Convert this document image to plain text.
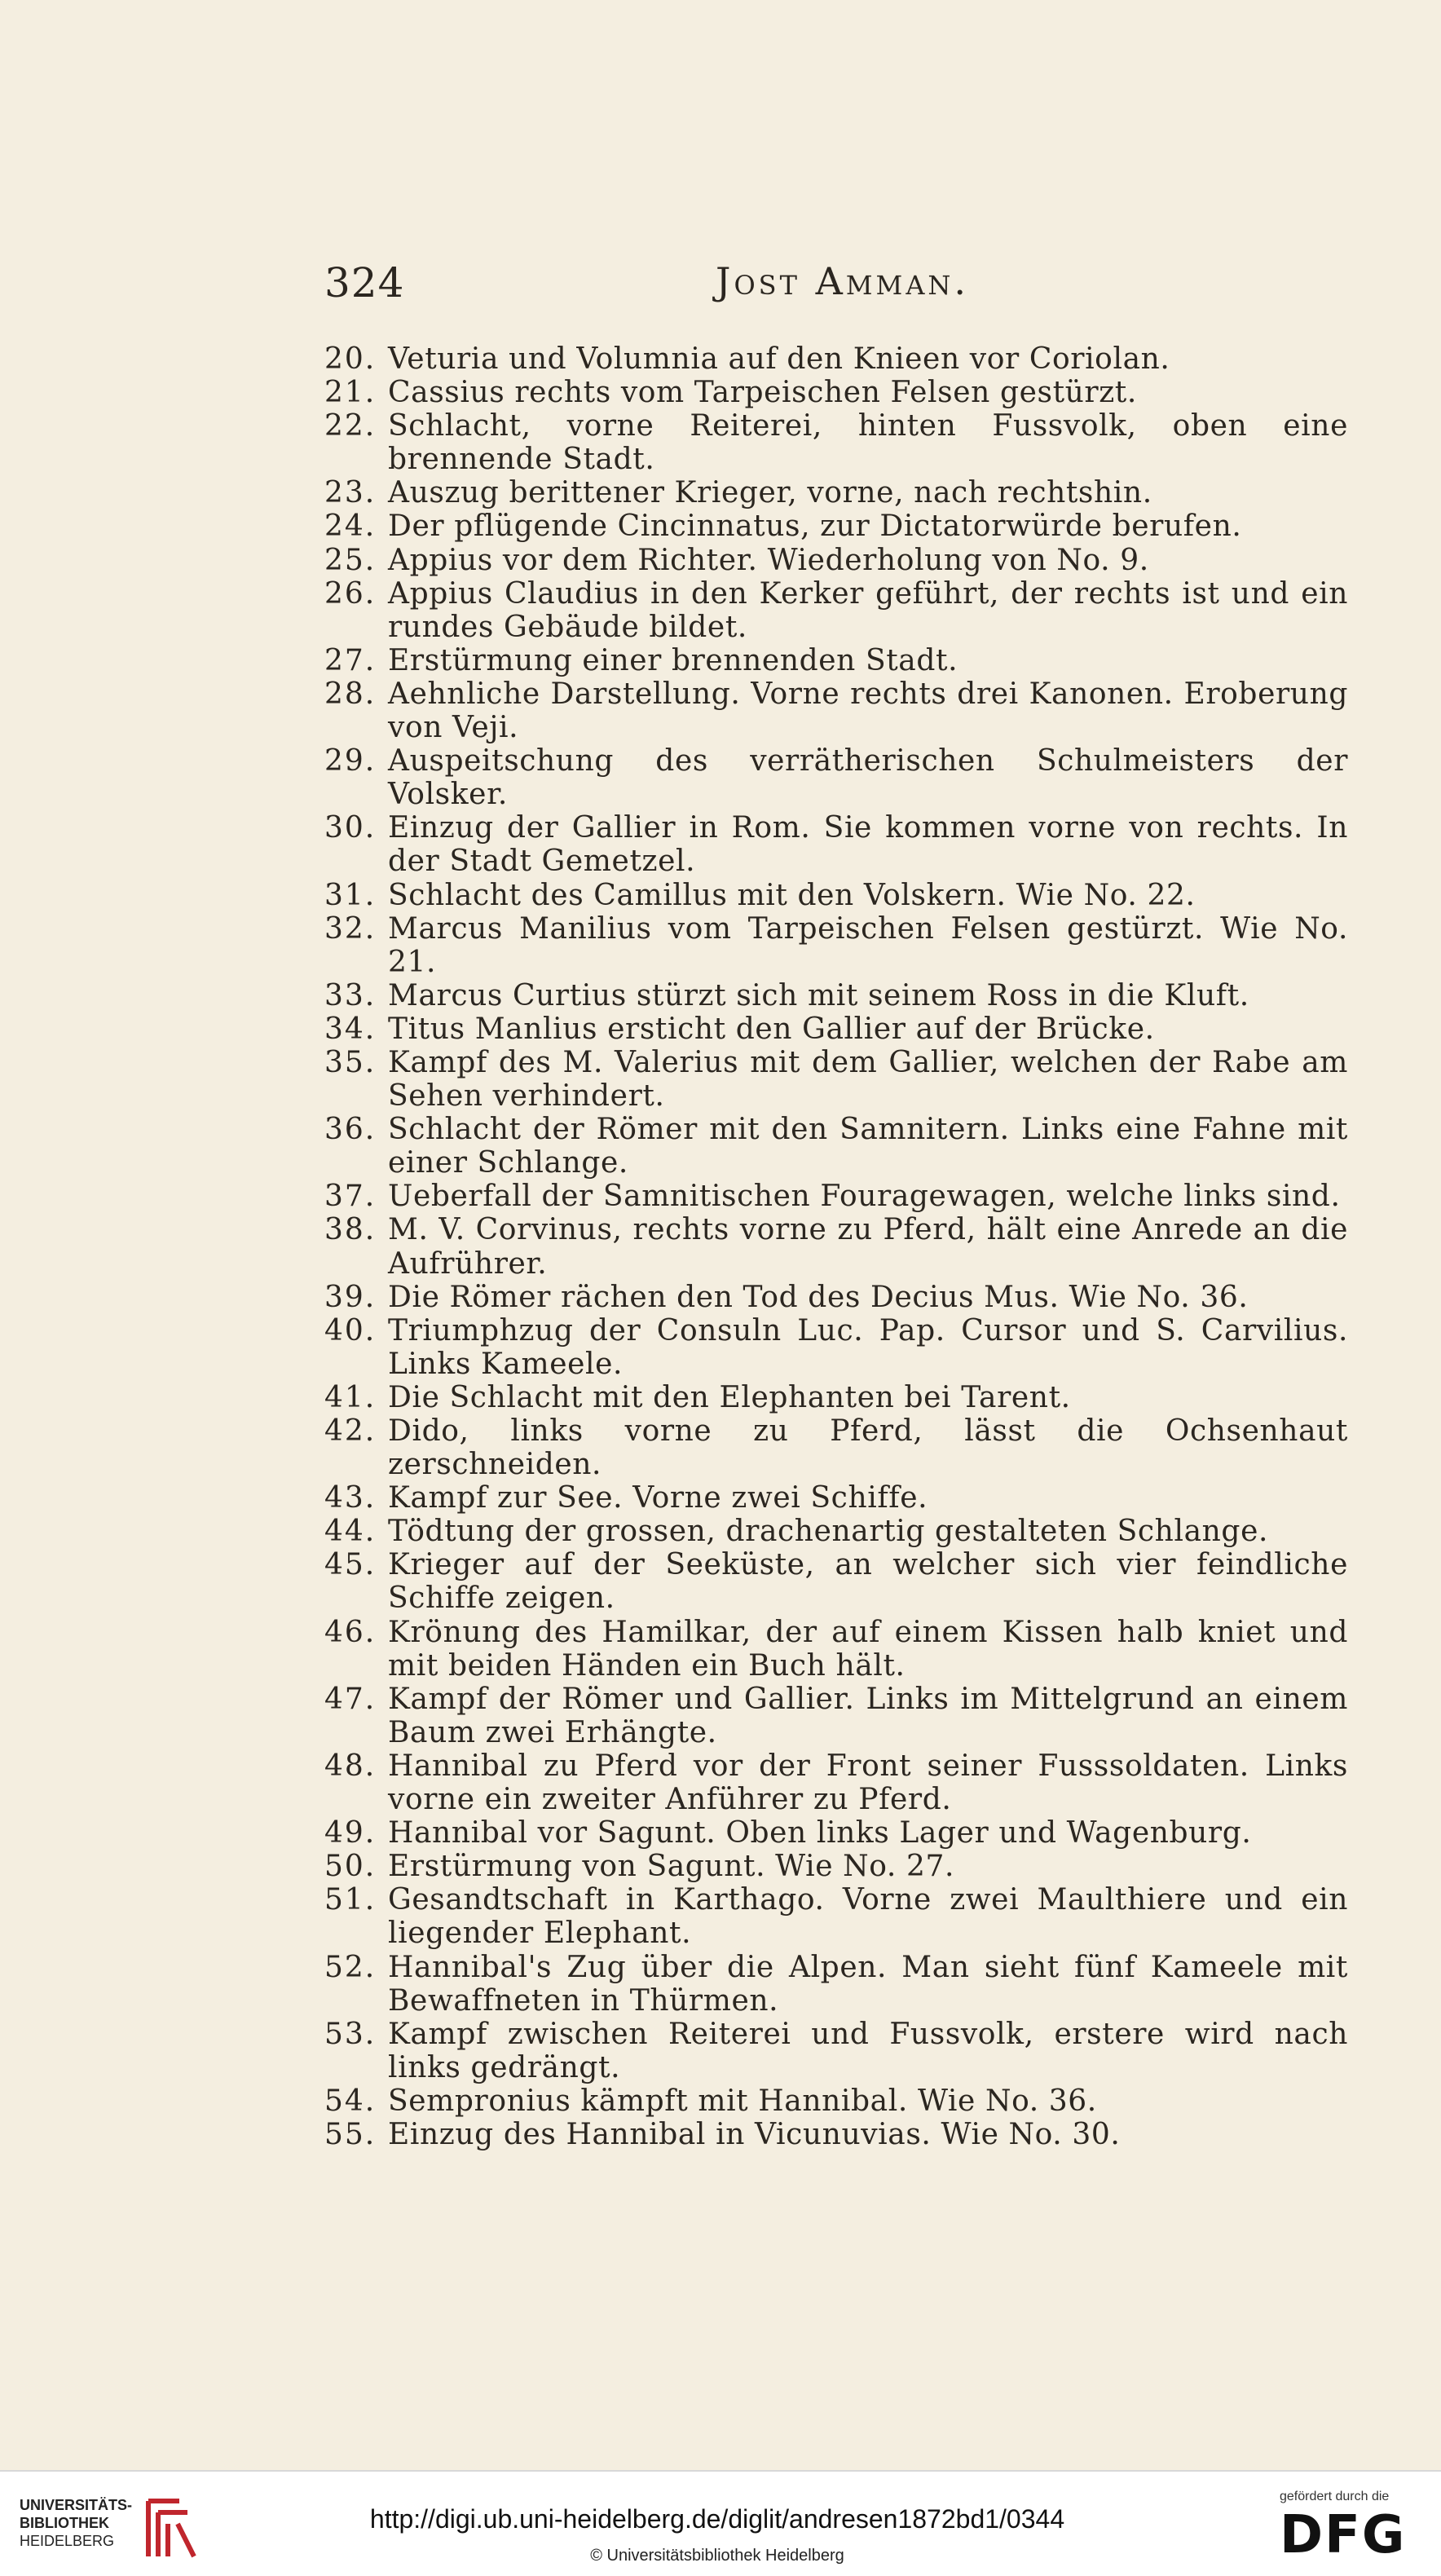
324	Jost Amman.
20. Veturia und Volumnia auf den Knieen vor Coriolan.
21. Cassius rechts vom Tarpeischen Felsen gestürzt.
22. Schlacht, vorne Reiterei, hinten Fussvolk, oben eine brennende Stadt.
23. Auszug berittener Krieger, vorne, nach rechtshin.
24. Der pflügende Cincinnatus, zur Dictatorwürde berufen.
25. Appius vor dem Richter. Wiederholung von No. 9.
26. Appius Claudius in den Kerker geführt, der rechts ist und ein rundes Gebäude bildet.
27. Erstürmung einer brennenden Stadt.
28. Aehnliche Darstellung. Vorne rechts drei Kanonen. Eroberung von Veji.
29. Auspeitschung des verrätherischen Schulmeisters der Volsker.
30. Einzug der Gallier in Rom. Sie kommen vorne von rechts. In der Stadt Gemetzel.
31. Schlacht des Camillus mit den Volskern. Wie No. 22.
32. Marcus Manilius vom Tarpeischen Felsen gestürzt. Wie No. 21.
33. Marcus Curtius stürzt sich mit seinem Ross in die Kluft.
34. Titus Manlius ersticht den Gallier auf der Brücke.
35. Kampf des M. Valerius mit dem Gallier, welchen der Rabe am Sehen verhindert.
36. Schlacht der Römer mit den Samnitern. Links eine Fahne mit einer Schlange.
37. Ueberfall der Samnitischen Fouragewagen, welche links sind.
38. M. V. Corvinus, rechts vorne zu Pferd, hält eine Anrede an die Aufrührer.
39. Die Römer rächen den Tod des Decius Mus. Wie No. 36.
40. Triumphzug der Consuln Luc. Pap. Cursor und S. Carvilius. Links Kameele.
41. Die Schlacht mit den Elephanten bei Tarent.
42. Dido, links vorne zu Pferd, lässt die Ochsenhaut zerschneiden.
43. Kampf zur See. Vorne zwei Schiffe.
44. Tödtung der grossen, drachenartig gestalteten Schlange.
45. Krieger auf der Seeküste, an welcher sich vier feindliche Schiffe zeigen.
46. Krönung des Hamilkar, der auf einem Kissen halb kniet und mit beiden Händen ein Buch hält.
47. Kampf der Römer und Gallier. Links im Mittelgrund an einem Baum zwei Erhängte.
48. Hannibal zu Pferd vor der Front seiner Fusssoldaten. Links vorne ein zweiter Anführer zu Pferd.
49. Hannibal vor Sagunt. Oben links Lager und Wagenburg.
50. Erstürmung von Sagunt. Wie No. 27.
51. Gesandtschaft in Karthago. Vorne zwei Maulthiere und ein liegender Elephant.
52. Hannibal's Zug über die Alpen. Man sieht fünf Kameele mit Bewaffneten in Thürmen.
53. Kampf zwischen Reiterei und Fussvolk, erstere wird nach links gedrängt.
54. Sempronius kämpft mit Hannibal. Wie No. 36.
55. Einzug des Hannibal in Vicunuvias. Wie No. 30.
UNIVERSITÄTS-
BIBLIOTHEK
HEIDELBERG
http://digi.ub.uni-heidelberg.de/diglit/andresen1872bd1/0344
© Universitätsbibliothek Heidelberg
gefördert durch die
DFG
